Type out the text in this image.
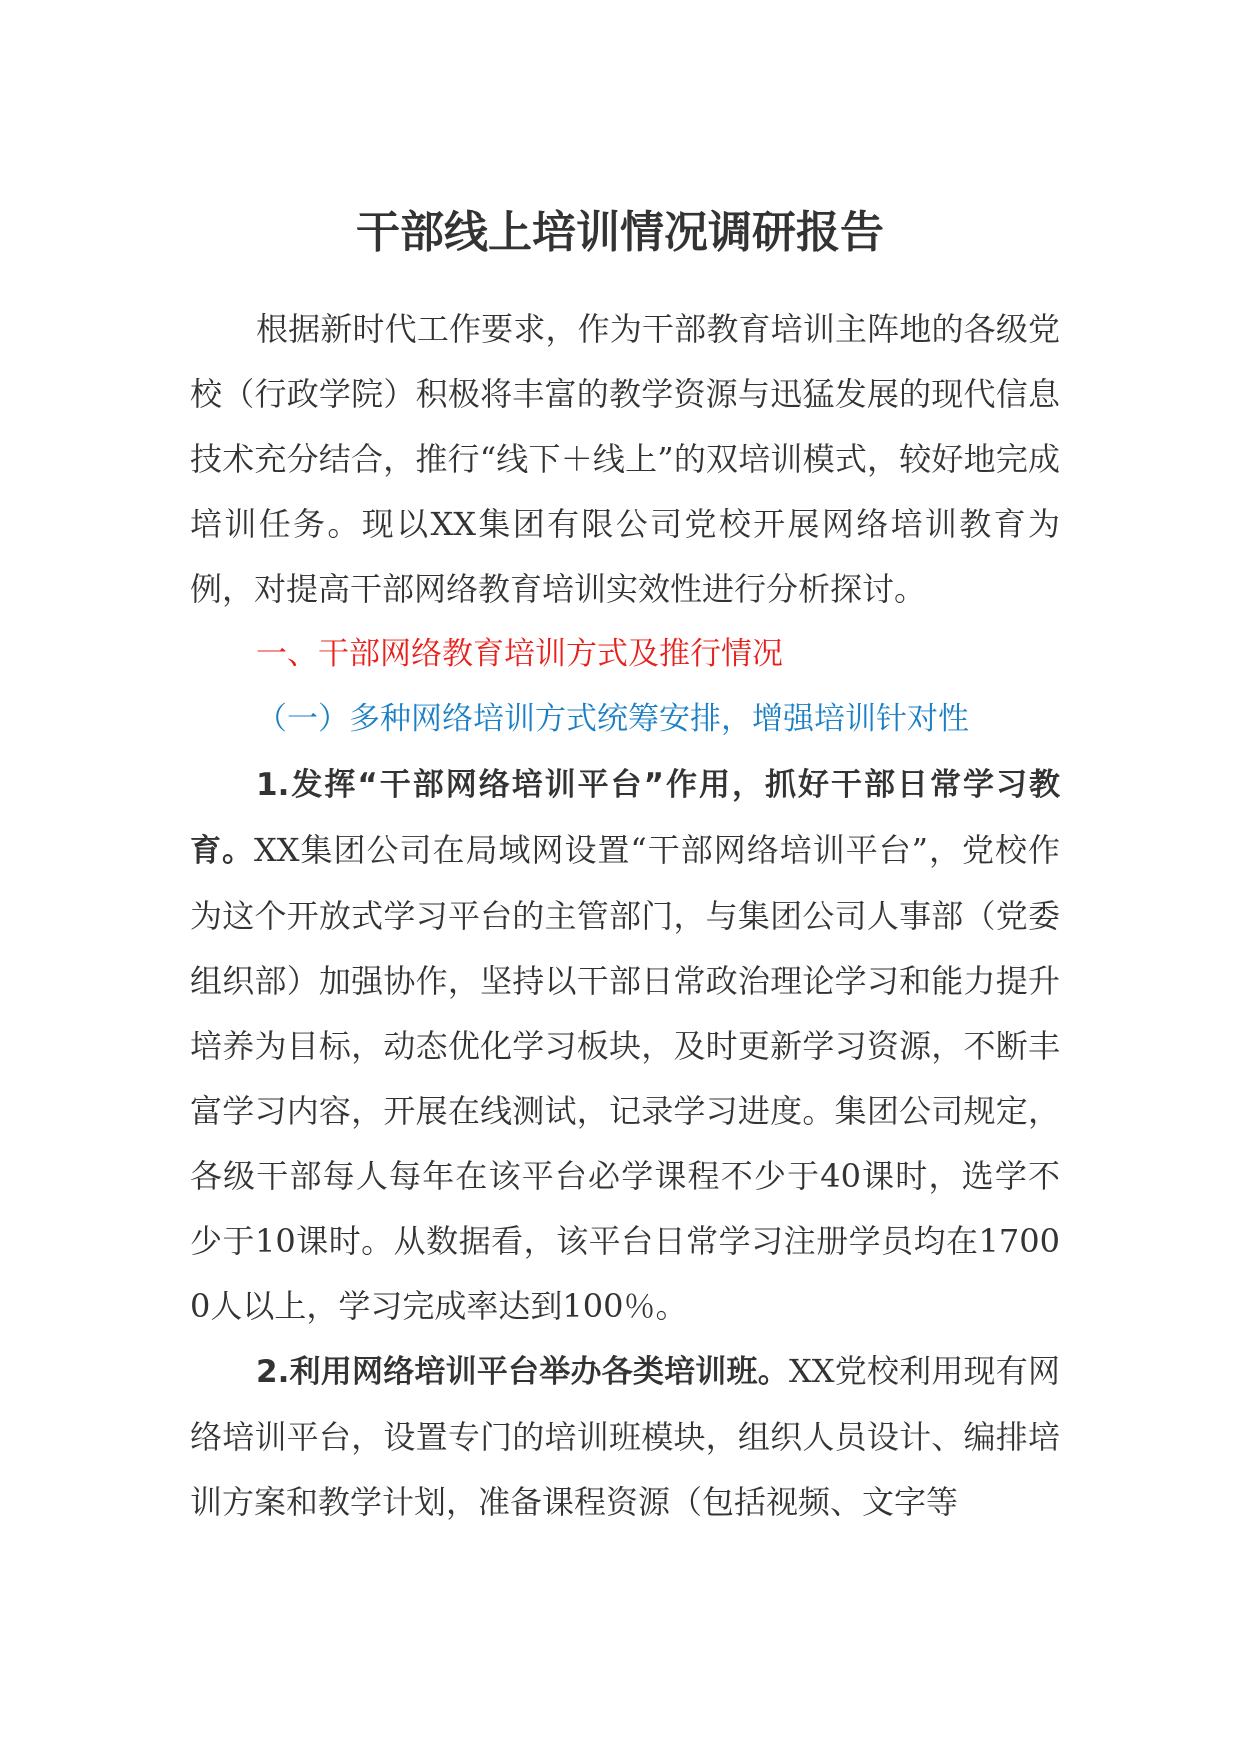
干部线上培训情况调研报告

根据新时代工作要求，作为干部教育培训主阵地的各级党校（行政学院）积极将丰富的教学资源与迅猛发展的现代信息技术充分结合，推行“线下＋线上”的双培训模式，较好地完成培训任务。现以XX集团有限公司党校开展网络培训教育为例，对提高干部网络教育培训实效性进行分析探讨。

一、干部网络教育培训方式及推行情况

（一）多种网络培训方式统筹安排，增强培训针对性

1.发挥“干部网络培训平台”作用，抓好干部日常学习教育。XX集团公司在局域网设置“干部网络培训平台”，党校作为这个开放式学习平台的主管部门，与集团公司人事部（党委组织部）加强协作，坚持以干部日常政治理论学习和能力提升培养为目标，动态优化学习板块，及时更新学习资源，不断丰富学习内容，开展在线测试，记录学习进度。集团公司规定，各级干部每人每年在该平台必学课程不少于40课时，选学不少于10课时。从数据看，该平台日常学习注册学员均在17000人以上，学习完成率达到100％。

2.利用网络培训平台举办各类培训班。XX党校利用现有网络培训平台，设置专门的培训班模块，组织人员设计、编排培训方案和教学计划，准备课程资源（包括视频、文字等
